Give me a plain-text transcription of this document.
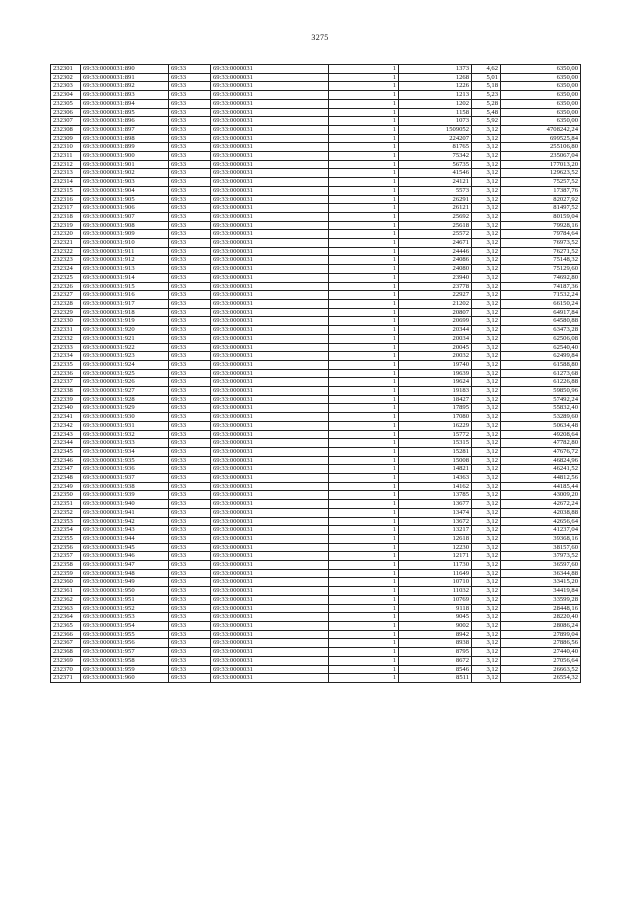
3275
232301	69:33:0000031:890	69:33	69:33:0000031	1	1373	4,62	6350,00
232302	69:33:0000031:891	69:33	69:33:0000031	1	1268	5,01	6350,00
232303	69:33:0000031:892	69:33	69:33:0000031	1	1226	5,18	6350,00
232304	69:33:0000031:893	69:33	69:33:0000031	1	1213	5,23	6350,00
232305	69:33:0000031:894	69:33	69:33:0000031	1	1202	5,28	6350,00
232306	69:33:0000031:895	69:33	69:33:0000031	1	1158	5,48	6350,00
232307	69:33:0000031:896	69:33	69:33:0000031	1	1073	5,92	6350,00
232308	69:33:0000031:897	69:33	69:33:0000031	1	1509052	3,12	4708242,24
232309	69:33:0000031:898	69:33	69:33:0000031	1	224207	3,12	699525,84
232310	69:33:0000031:899	69:33	69:33:0000031	1	81765	3,12	255106,80
232311	69:33:0000031:900	69:33	69:33:0000031	1	75342	3,12	235067,04
232312	69:33:0000031:901	69:33	69:33:0000031	1	56735	3,12	177013,20
232313	69:33:0000031:902	69:33	69:33:0000031	1	41546	3,12	129623,52
232314	69:33:0000031:903	69:33	69:33:0000031	1	24121	3,12	75257,52
232315	69:33:0000031:904	69:33	69:33:0000031	1	5573	3,12	17387,76
232316	69:33:0000031:905	69:33	69:33:0000031	1	26291	3,12	82027,92
232317	69:33:0000031:906	69:33	69:33:0000031	1	26121	3,12	81497,52
232318	69:33:0000031:907	69:33	69:33:0000031	1	25692	3,12	80159,04
232319	69:33:0000031:908	69:33	69:33:0000031	1	25618	3,12	79928,16
232320	69:33:0000031:909	69:33	69:33:0000031	1	25572	3,12	79784,64
232321	69:33:0000031:910	69:33	69:33:0000031	1	24671	3,12	76973,52
232322	69:33:0000031:911	69:33	69:33:0000031	1	24446	3,12	76271,52
232323	69:33:0000031:912	69:33	69:33:0000031	1	24086	3,12	75148,32
232324	69:33:0000031:913	69:33	69:33:0000031	1	24080	3,12	75129,60
232325	69:33:0000031:914	69:33	69:33:0000031	1	23940	3,12	74692,80
232326	69:33:0000031:915	69:33	69:33:0000031	1	23778	3,12	74187,36
232327	69:33:0000031:916	69:33	69:33:0000031	1	22927	3,12	71532,24
232328	69:33:0000031:917	69:33	69:33:0000031	1	21202	3,12	66150,24
232329	69:33:0000031:918	69:33	69:33:0000031	1	20807	3,12	64917,84
232330	69:33:0000031:919	69:33	69:33:0000031	1	20699	3,12	64580,88
232331	69:33:0000031:920	69:33	69:33:0000031	1	20344	3,12	63473,28
232332	69:33:0000031:921	69:33	69:33:0000031	1	20034	3,12	62506,08
232333	69:33:0000031:922	69:33	69:33:0000031	1	20045	3,12	62540,40
232334	69:33:0000031:923	69:33	69:33:0000031	1	20032	3,12	62499,84
232335	69:33:0000031:924	69:33	69:33:0000031	1	19740	3,12	61588,80
232336	69:33:0000031:925	69:33	69:33:0000031	1	19639	3,12	61273,68
232337	69:33:0000031:926	69:33	69:33:0000031	1	19624	3,12	61226,88
232338	69:33:0000031:927	69:33	69:33:0000031	1	19183	3,12	59850,96
232339	69:33:0000031:928	69:33	69:33:0000031	1	18427	3,12	57492,24
232340	69:33:0000031:929	69:33	69:33:0000031	1	17895	3,12	55832,40
232341	69:33:0000031:930	69:33	69:33:0000031	1	17080	3,12	53289,60
232342	69:33:0000031:931	69:33	69:33:0000031	1	16229	3,12	50634,48
232343	69:33:0000031:932	69:33	69:33:0000031	1	15772	3,12	49208,64
232344	69:33:0000031:933	69:33	69:33:0000031	1	15315	3,12	47782,80
232345	69:33:0000031:934	69:33	69:33:0000031	1	15281	3,12	47676,72
232346	69:33:0000031:935	69:33	69:33:0000031	1	15008	3,12	46824,96
232347	69:33:0000031:936	69:33	69:33:0000031	1	14821	3,12	46241,52
232348	69:33:0000031:937	69:33	69:33:0000031	1	14363	3,12	44812,56
232349	69:33:0000031:938	69:33	69:33:0000031	1	14162	3,12	44185,44
232350	69:33:0000031:939	69:33	69:33:0000031	1	13785	3,12	43009,20
232351	69:33:0000031:940	69:33	69:33:0000031	1	13677	3,12	42672,24
232352	69:33:0000031:941	69:33	69:33:0000031	1	13474	3,12	42038,88
232353	69:33:0000031:942	69:33	69:33:0000031	1	13672	3,12	42656,64
232354	69:33:0000031:943	69:33	69:33:0000031	1	13217	3,12	41237,04
232355	69:33:0000031:944	69:33	69:33:0000031	1	12618	3,12	39368,16
232356	69:33:0000031:945	69:33	69:33:0000031	1	12230	3,12	38157,60
232357	69:33:0000031:946	69:33	69:33:0000031	1	12171	3,12	37973,52
232358	69:33:0000031:947	69:33	69:33:0000031	1	11730	3,12	36597,60
232359	69:33:0000031:948	69:33	69:33:0000031	1	11649	3,12	36344,88
232360	69:33:0000031:949	69:33	69:33:0000031	1	10710	3,12	33415,20
232361	69:33:0000031:950	69:33	69:33:0000031	1	11032	3,12	34419,84
232362	69:33:0000031:951	69:33	69:33:0000031	1	10769	3,12	33599,28
232363	69:33:0000031:952	69:33	69:33:0000031	1	9118	3,12	28448,16
232364	69:33:0000031:953	69:33	69:33:0000031	1	9045	3,12	28220,40
232365	69:33:0000031:954	69:33	69:33:0000031	1	9002	3,12	28086,24
232366	69:33:0000031:955	69:33	69:33:0000031	1	8942	3,12	27899,04
232367	69:33:0000031:956	69:33	69:33:0000031	1	8938	3,12	27886,56
232368	69:33:0000031:957	69:33	69:33:0000031	1	8795	3,12	27440,40
232369	69:33:0000031:958	69:33	69:33:0000031	1	8672	3,12	27056,64
232370	69:33:0000031:959	69:33	69:33:0000031	1	8546	3,12	26663,52
232371	69:33:0000031:960	69:33	69:33:0000031	1	8511	3,12	26554,32
